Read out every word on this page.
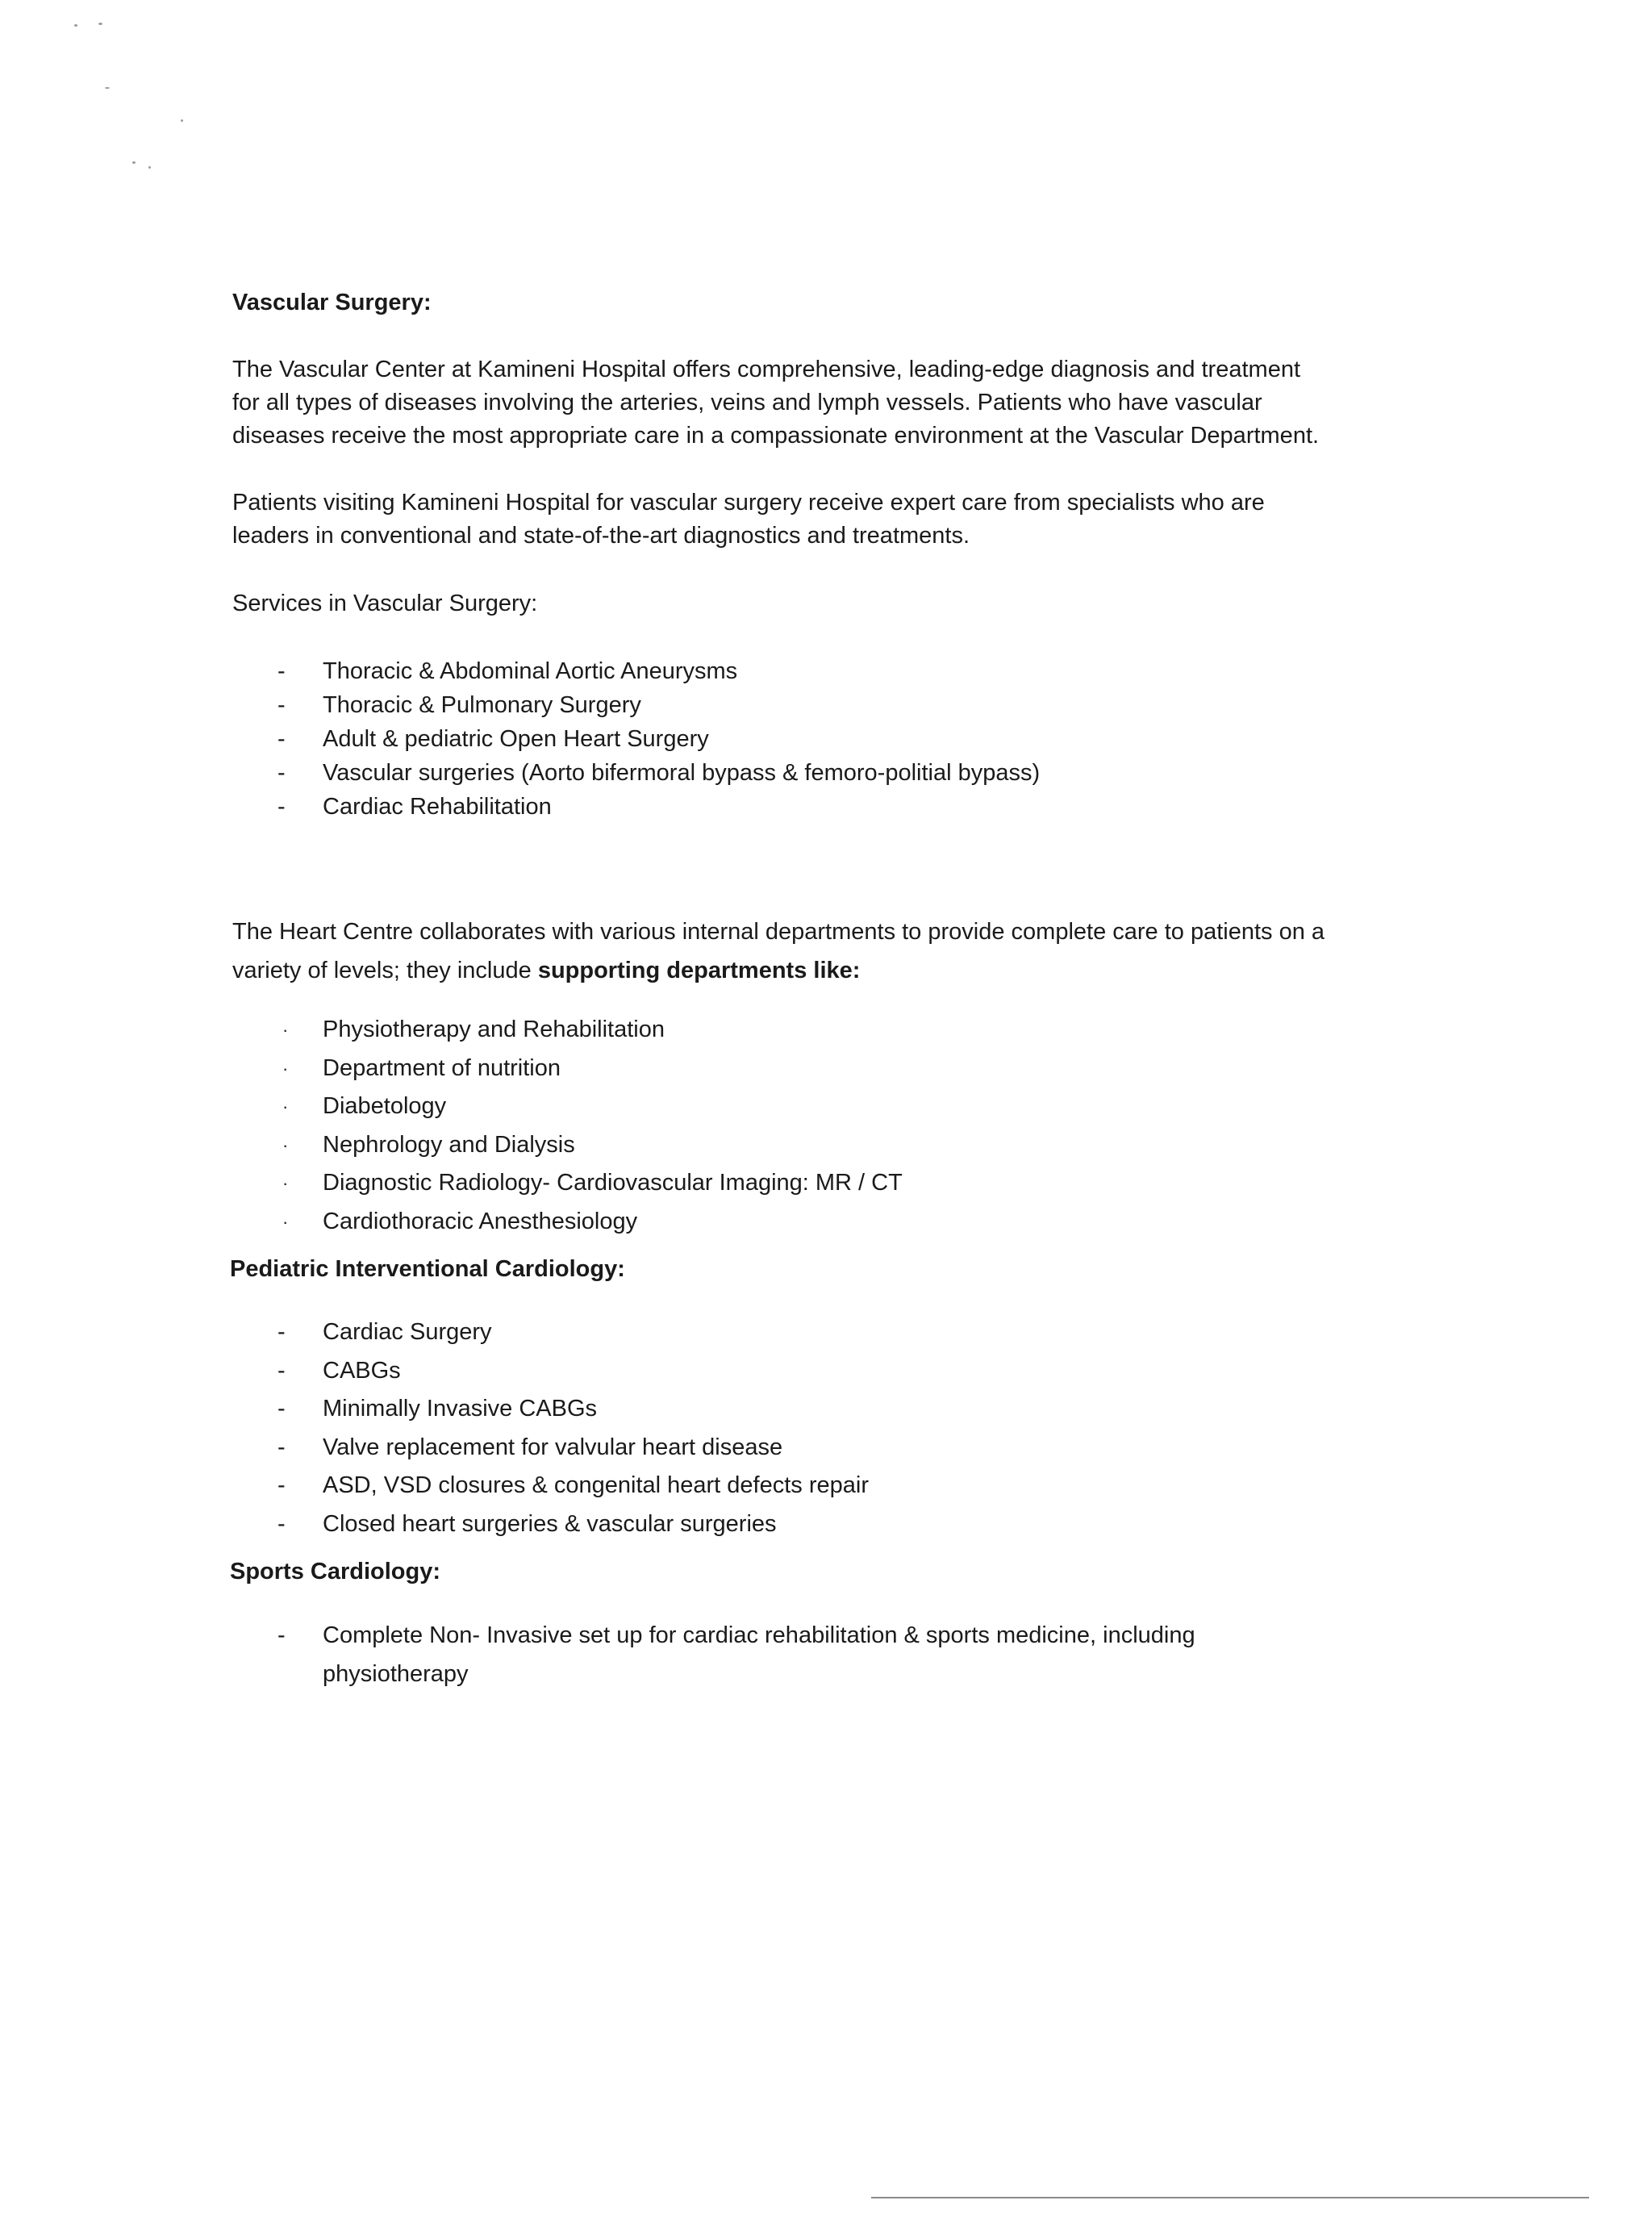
Vascular Surgery:

The Vascular Center at Kamineni Hospital offers comprehensive, leading-edge diagnosis and treatment
for all types of diseases involving the arteries, veins and lymph vessels. Patients who have vascular
diseases receive the most appropriate care in a compassionate environment at the Vascular Department.

Patients visiting Kamineni Hospital for vascular surgery receive expert care from specialists who are
leaders in conventional and state-of-the-art diagnostics and treatments.

Services in Vascular Surgery:
- Thoracic & Abdominal Aortic Aneurysms
- Thoracic & Pulmonary Surgery
- Adult & pediatric Open Heart Surgery
- Vascular surgeries (Aorto bifermoral bypass & femoro-politial bypass)
- Cardiac Rehabilitation

The Heart Centre collaborates with various internal departments to provide complete care to patients on a
variety of levels; they include supporting departments like:

· Physiotherapy and Rehabilitation
· Department of nutrition
· Diabetology
· Nephrology and Dialysis
· Diagnostic Radiology- Cardiovascular Imaging: MR / CT
· Cardiothoracic Anesthesiology
Pediatric Interventional Cardiology:
- Cardiac Surgery
- CABGs
- Minimally Invasive CABGs
- Valve replacement for valvular heart disease
- ASD, VSD closures & congenital heart defects repair
- Closed heart surgeries & vascular surgeries
Sports Cardiology:
- Complete Non- Invasive set up for cardiac rehabilitation & sports medicine, including physiotherapy
